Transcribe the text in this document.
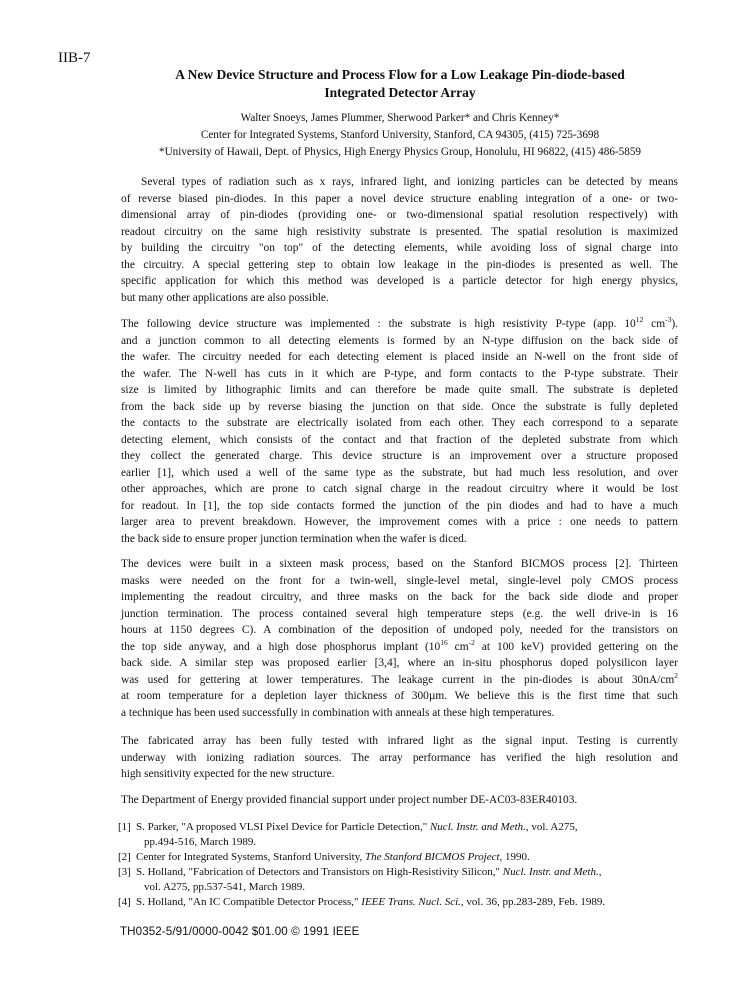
IIB-7
A New Device Structure and Process Flow for a Low Leakage Pin-diode-based
Integrated Detector Array
Walter Snoeys, James Plummer, Sherwood Parker* and Chris Kenney*
Center for Integrated Systems, Stanford University, Stanford, CA 94305, (415) 725-3698
*University of Hawaii, Dept. of Physics, High Energy Physics Group, Honolulu, HI 96822, (415) 486-5859
Several types of radiation such as x rays, infrared light, and ionizing particles can be detected by means
of reverse biased pin-diodes. In this paper a novel device structure enabling integration of a one- or two-
dimensional array of pin-diodes (providing one- or two-dimensional spatial resolution respectively) with
readout circuitry on the same high resistivity substrate is presented. The spatial resolution is maximized
by building the circuitry "on top" of the detecting elements, while avoiding loss of signal charge into
the circuitry. A special gettering step to obtain low leakage in the pin-diodes is presented as well. The
specific application for which this method was developed is a particle detector for high energy physics,
but many other applications are also possible.
The following device structure was implemented : the substrate is high resistivity P-type (app. $10^{12}$ $cm^{-3}$).
and a junction common to all detecting elements is formed by an N-type diffusion on the back side of
the wafer. The circuitry needed for each detecting element is placed inside an N-well on the front side of
the wafer. The N-well has cuts in it which are P-type, and form contacts to the P-type substrate. Their
size is limited by lithographic limits and can therefore be made quite small. The substrate is depleted
from the back side up by reverse biasing the junction on that side. Once the substrate is fully depleted
the contacts to the substrate are electrically isolated from each other. They each correspond to a separate
detecting element, which consists of the contact and that fraction of the depleted substrate from which
they collect the generated charge. This device structure is an improvement over a structure proposed
earlier [1], which used a well of the same type as the substrate, but had much less resolution, and over
other approaches, which are prone to catch signal charge in the readout circuitry where it would be lost
for readout. In [1], the top side contacts formed the junction of the pin diodes and had to have a much
larger area to prevent breakdown. However, the improvement comes with a price : one needs to pattern
the back side to ensure proper junction termination when the wafer is diced.
The devices were built in a sixteen mask process, based on the Stanford BICMOS process [2]. Thirteen
masks were needed on the front for a twin-well, single-level metal, single-level poly CMOS process
implementing the readout circuitry, and three masks on the back for the back side diode and proper
junction termination. The process contained several high temperature steps (e.g. the well drive-in is 16
hours at 1150 degrees C). A combination of the deposition of undoped poly, needed for the transistors on
the top side anyway, and a high dose phosphorus implant ($10^{16}$ $cm^{-2}$ at 100 keV) provided gettering on the
back side. A similar step was proposed earlier [3,4], where an in-situ phosphorus doped polysilicon layer
was used for gettering at lower temperatures. The leakage current in the pin-diodes is about $30nA/cm^2$
at room temperature for a depletion layer thickness of 300µm. We believe this is the first time that such
a technique has been used successfully in combination with anneals at these high temperatures.
The fabricated array has been fully tested with infrared light as the signal input. Testing is currently
underway with ionizing radiation sources. The array performance has verified the high resolution and
high sensitivity expected for the new structure.
The Department of Energy provided financial support under project number DE-AC03-83ER40103.
[1] S. Parker, "A proposed VLSI Pixel Device for Particle Detection," Nucl. Instr. and Meth., vol. A275,
pp.494-516, March 1989.
[2] Center for Integrated Systems, Stanford University, The Stanford BICMOS Project, 1990.
[3] S. Holland, "Fabrication of Detectors and Transistors on High-Resistivity Silicon," Nucl. Instr. and Meth.,
vol. A275, pp.537-541, March 1989.
[4] S. Holland, "An IC Compatible Detector Process," IEEE Trans. Nucl. Sci., vol. 36, pp.283-289, Feb. 1989.
TH0352-5/91/0000-0042 $01.00 © 1991 IEEE
